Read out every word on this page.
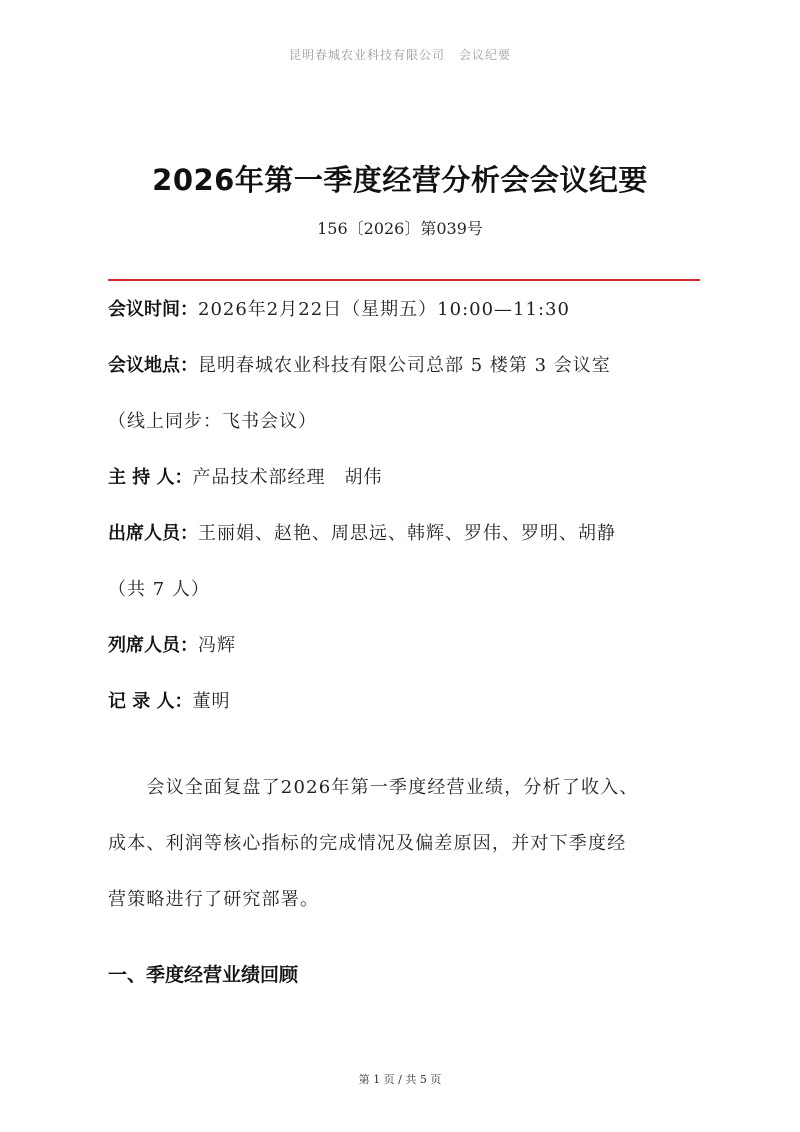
昆明春城农业科技有限公司 会议纪要
2026年第一季度经营分析会会议纪要
156〔2026〕第039号
会议时间：2026年2月22日（星期五）10:00—11:30
会议地点：昆明春城农业科技有限公司总部 5 楼第 3 会议室
（线上同步：飞书会议）
主 持 人：产品技术部经理　胡伟
出席人员：王丽娟、赵艳、周思远、韩辉、罗伟、罗明、胡静
（共 7 人）
列席人员：冯辉
记 录 人：董明
　　会议全面复盘了2026年第一季度经营业绩，分析了收入、
成本、利润等核心指标的完成情况及偏差原因，并对下季度经
营策略进行了研究部署。
一、季度经营业绩回顾
第 1 页 / 共 5 页
